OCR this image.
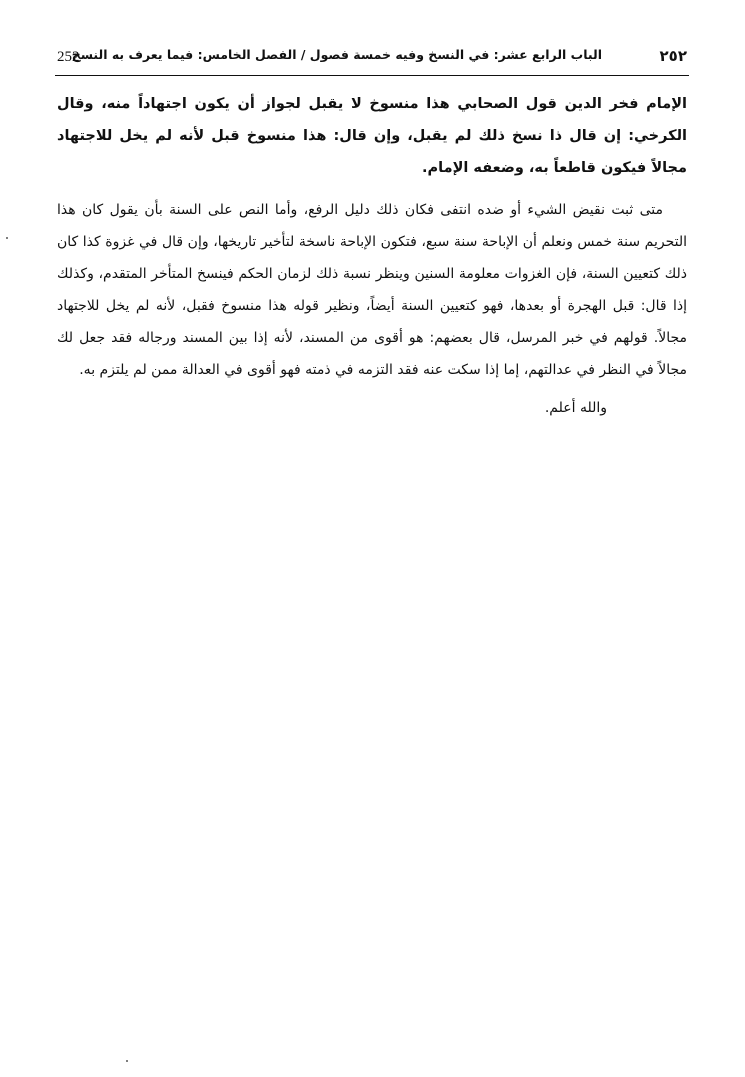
252
الباب الرابع عشر: في النسخ وفيه خمسة فصول / الفصل الخامس: فيما يعرف به النسخ	٢٥٢

الإمام فخر الدين قول الصحابي هذا منسوخ لا يقبل لجواز أن يكون اجتهاداً منه، وقال الكرخي: إن قال ذا نسخ ذلك لم يقبل، وإن قال: هذا منسوخ قبل لأنه لم يخل للاجتهاد مجالاً فيكون قاطعاً به، وضعفه الإمام.

متى ثبت نقيض الشيء أو ضده انتفى فكان ذلك دليل الرفع، وأما النص على السنة بأن يقول كان هذا التحريم سنة خمس ونعلم أن الإباحة سنة سبع، فتكون الإباحة ناسخة لتأخير تاريخها، وإن قال في غزوة كذا كان ذلك كتعيين السنة، فإن الغزوات معلومة السنين وينظر نسبة ذلك لزمان الحكم فينسخ المتأخر المتقدم، وكذلك إذا قال: قبل الهجرة أو بعدها، فهو كتعيين السنة أيضاً، ونظير قوله هذا منسوخ فقبل، لأنه لم يخل للاجتهاد مجالاً. قولهم في خبر المرسل، قال بعضهم: هو أقوى من المسند، لأنه إذا بين المسند ورجاله فقد جعل لك مجالاً في النظر في عدالتهم، إما إذا سكت عنه فقد التزمه في ذمته فهو أقوى في العدالة ممن لم يلتزم به.

والله أعلم.
